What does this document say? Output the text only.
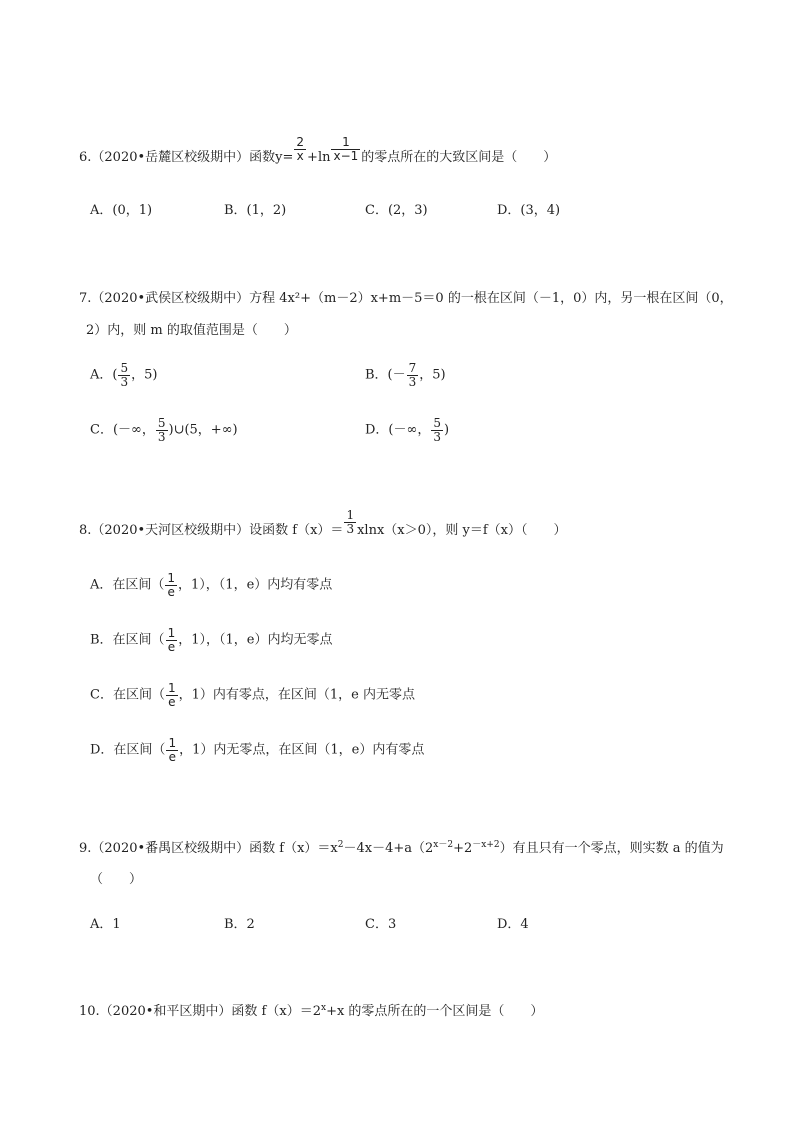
6.（2020•岳麓区校级期中）函数$y= \frac{2}{x} +\ln \frac{1}{x-1}$ 的零点所在的大致区间是（　　）
A．(0，1)	B．(1，2)	C．(2，3)	D．(3，4)
7.（2020•武侯区校级期中）方程 4x²+（m－2）x+m－5＝0 的一根在区间（－1，0）内，另一根在区间（0，
2）内，则 m 的取值范围是（　　）
A．( $\frac{5}{3}$ ，5)	B．(－ $\frac{7}{3}$ ，5)
C．(－∞， $\frac{5}{3}$ )∪(5，+∞)	D．(－∞， $\frac{5}{3}$ )
8.（2020•天河区校级期中）设函数 $f(x)= \frac{1}{3} xlnx(x>0)$，则 y＝f（x）（　　）
A．在区间（ $\frac{1}{e}$ ，1），（1，e）内均有零点
B．在区间（ $\frac{1}{e}$ ，1），（1，e）内均无零点
C．在区间（ $\frac{1}{e}$ ，1）内有零点，在区间（1，e 内无零点
D．在区间（ $\frac{1}{e}$ ，1）内无零点，在区间（1，e）内有零点
9.（2020•番禺区校级期中）函数 $f(x)=x^2-4x-4+a(2^{x-2}+2^{-x+2})$有且只有一个零点，则实数 a 的值为
（　　）
A．1	B．2	C．3	D．4
10.（2020•和平区期中）函数 $f(x)=2^x+x$ 的零点所在的一个区间是（　　）
